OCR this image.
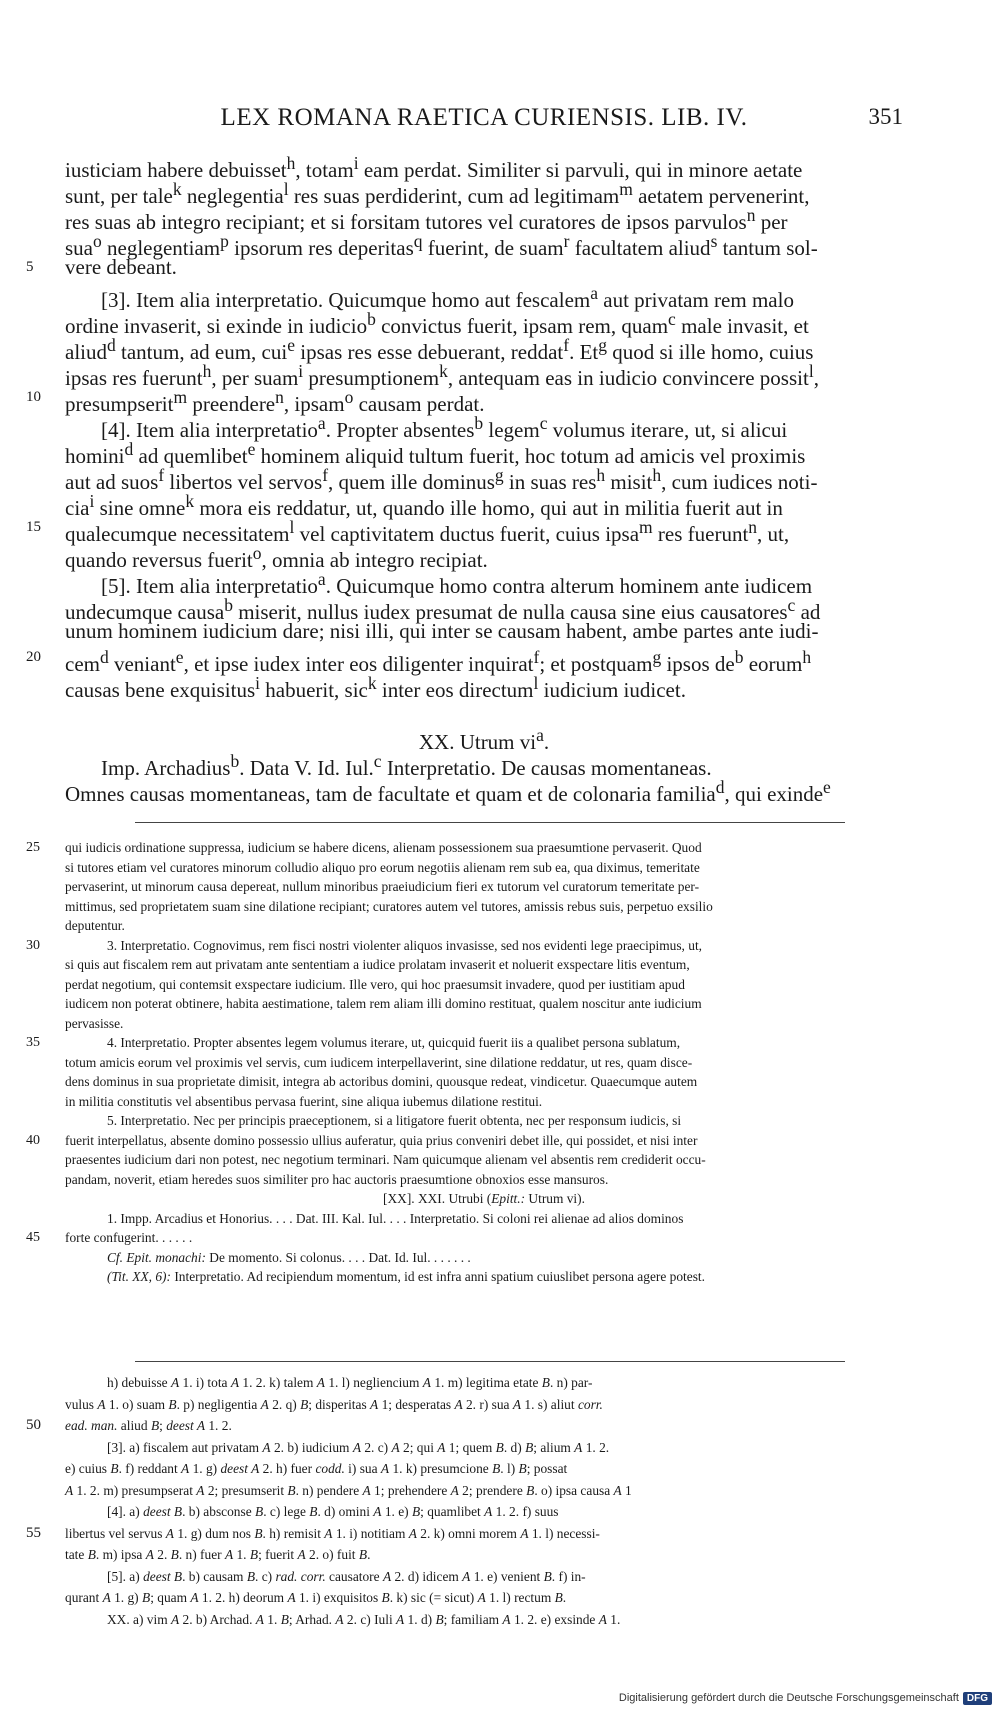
LEX ROMANA RAETICA CURIENSIS. LIB. IV.	351
iusticiam habere debuisset$^h$, totam$^i$ eam perdat. Similiter si parvuli, qui in minore aetate
sunt, per tale$^k$ neglegentia$^l$ res suas perdiderint, cum ad legitimam$^m$ aetatem pervenerint,
res suas ab integro recipiant; et si forsitam tutores vel curatores de ipsos parvulos$^n$ per
sua$^o$ neglegentiam$^p$ ipsorum res deperitas$^q$ fuerint, de suam$^r$ facultatem aliud$^s$ tantum sol-
5	vere debeant.
[3]. Item alia interpretatio. Quicumque homo aut fescalem$^a$ aut privatam rem malo
ordine invaserit, si exinde in iudicio$^b$ convictus fuerit, ipsam rem, quam$^c$ male invasit, et
aliud$^d$ tantum, ad eum, cui$^e$ ipsas res esse debuerant, reddat$^f$. Et$^g$ quod si ille homo, cuius
ipsas res fuerunt$^h$, per suam$^i$ presumptionem$^k$, antequam eas in iudicio convincere possit$^l$,
10	presumpserit$^m$ preendere$^n$, ipsam$^o$ causam perdat.
[4]. Item alia interpretatio$^a$. Propter absentes$^b$ legem$^c$ volumus iterare, ut, si alicui
homini$^d$ ad quemlibet$^e$ hominem aliquid tultum fuerit, hoc totum ad amicis vel proximis
aut ad suos$^f$ libertos vel servos$^f$, quem ille dominus$^g$ in suas res$^h$ misit$^h$, cum iudices noti-
cia$^i$ sine omne$^k$ mora eis reddatur, ut, quando ille homo, qui aut in militia fuerit aut in
15	qualecumque necessitatem$^l$ vel captivitatem ductus fuerit, cuius ipsa$^m$ res fuerunt$^n$, ut,
quando reversus fuerit$^o$, omnia ab integro recipiat.
[5]. Item alia interpretatio$^a$. Quicumque homo contra alterum hominem ante iudicem
undecumque causa$^b$ miserit, nullus iudex presumat de nulla causa sine eius causatores$^c$ ad
unum hominem iudicium dare; nisi illi, qui inter se causam habent, ambe partes ante iudi-
20	cem$^d$ veniant$^e$, et ipse iudex inter eos diligenter inquirat$^f$; et postquam$^g$ ipsos $de^b$ eorum$^h$
causas bene exquisitus$^i$ habuerit, sic$^k$ inter eos directum$^l$ iudicium iudicet.
XX. Utrum $vi^a$.
Imp. Archadius$^b$. Data V. Id. Iul.$^c$ Interpretatio. De causas momentaneas.
Omnes causas momentaneas, tam de facultate et quam et de colonaria familia$^d$, qui exinde$^e$
25	qui iudicis ordinatione suppressa, iudicium se habere dicens, alienam possessionem sua praesumtione pervaserit. Quod
si tutores etiam vel curatores minorum colludio aliquo pro eorum negotiis alienam rem sub ea, qua diximus, temeritate
pervaserint, ut minorum causa depereat, nullum minoribus praeiudicium fieri ex tutorum vel curatorum temeritate per-
mittimus, sed proprietatem suam sine dilatione recipiant; curatores autem vel tutores, amissis rebus suis, perpetuo exsilio
deputentur.
30	3. Interpretatio. Cognovimus, rem fisci nostri violenter aliquos invasisse, sed nos evidenti lege praecipimus, ut,
si quis aut fiscalem rem aut privatam ante sententiam a iudice prolatam invaserit et noluerit exspectare litis eventum,
perdat negotium, qui contemsit exspectare iudicium. Ille vero, qui hoc praesumsit invadere, quod per iustitiam apud
iudicem non poterat obtinere, habita aestimatione, talem rem aliam illi domino restituat, qualem noscitur ante iudicium
pervasisse.
35	4. Interpretatio. Propter absentes legem volumus iterare, ut, quicquid fuerit iis a qualibet persona sublatum,
totum amicis eorum vel proximis vel servis, cum iudicem interpellaverint, sine dilatione reddatur, ut res, quam disce-
dens dominus in sua proprietate dimisit, integra ab actoribus domini, quousque redeat, vindicetur. Quaecumque autem
in militia constitutis vel absentibus pervasa fuerint, sine aliqua iubemus dilatione restitui.
5. Interpretatio. Nec per principis praeceptionem, si a litigatore fuerit obtenta, nec per responsum iudicis, si
40	fuerit interpellatus, absente domino possessio ullius auferatur, quia prius conveniri debet ille, qui possidet, et nisi inter
praesentes iudicium dari non potest, nec negotium terminari. Nam quicumque alienam vel absentis rem crediderit occu-
pandam, noverit, etiam heredes suos similiter pro hac auctoris praesumtione obnoxios esse mansuros.
[XX]. XXI. Utrubi (Epitt.: Utrum vi).
1. Impp. Arcadius et Honorius. . . . Dat. III. Kal. Iul. . . . Interpretatio. Si coloni rei alienae ad alios dominos
45	forte confugerint. . . . . .
Cf. Epit. monachi: De momento. Si colonus. . . . Dat. Id. Iul. . . . . . .
(Tit. XX, 6): Interpretatio. Ad recipiendum momentum, id est infra anni spatium cuiuslibet persona agere potest.
h) debuisse A 1. i) tota A 1. 2. k) talem A 1. l) negliencium A 1. m) legitima etate B. n) par-
vulus A 1. o) suam B. p) negligentia A 2. q) B; disperitas A 1; desperatas A 2. r) sua A 1. s) aliut corr.
50	ead. man. aliud B; deest A 1. 2.
[3]. a) fiscalem aut privatam A 2. b) iudicium A 2. c) A 2; qui A 1; quem B. d) B; alium A 1. 2.
e) cuius B. f) reddant A 1. g) deest A 2. h) fuer codd. i) sua A 1. k) presumcione B. l) B; possat
A 1. 2. m) presumpserat A 2; presumserit B. n) pendere A 1; prehendere A 2; prendere B. o) ipsa causa A 1
[4]. a) deest B. b) absconse B. c) lege B. d) omini A 1. e) B; quamlibet A 1. 2. f) suus
55	libertus vel servus A 1. g) dum nos B. h) remisit A 1. i) notitiam A 2. k) omni morem A 1. l) necessi-
tate B. m) ipsa A 2. B. n) fuer A 1. B; fuerit A 2. o) fuit B.
[5]. a) deest B. b) causam B. c) rad. corr. causatore A 2. d) idicem A 1. e) venient B. f) in-
qurant A 1. g) B; quam A 1. 2. h) deorum A 1. i) exquisitos B. k) sic (= sicut) A 1. l) rectum B.
XX. a) vim A 2. b) Archad. A 1. B; Arhad. A 2. c) Iuli A 1. d) B; familiam A 1. 2. e) exsinde A 1.
Digitalisierung gefördert durch die Deutsche Forschungsgemeinschaft DFG
